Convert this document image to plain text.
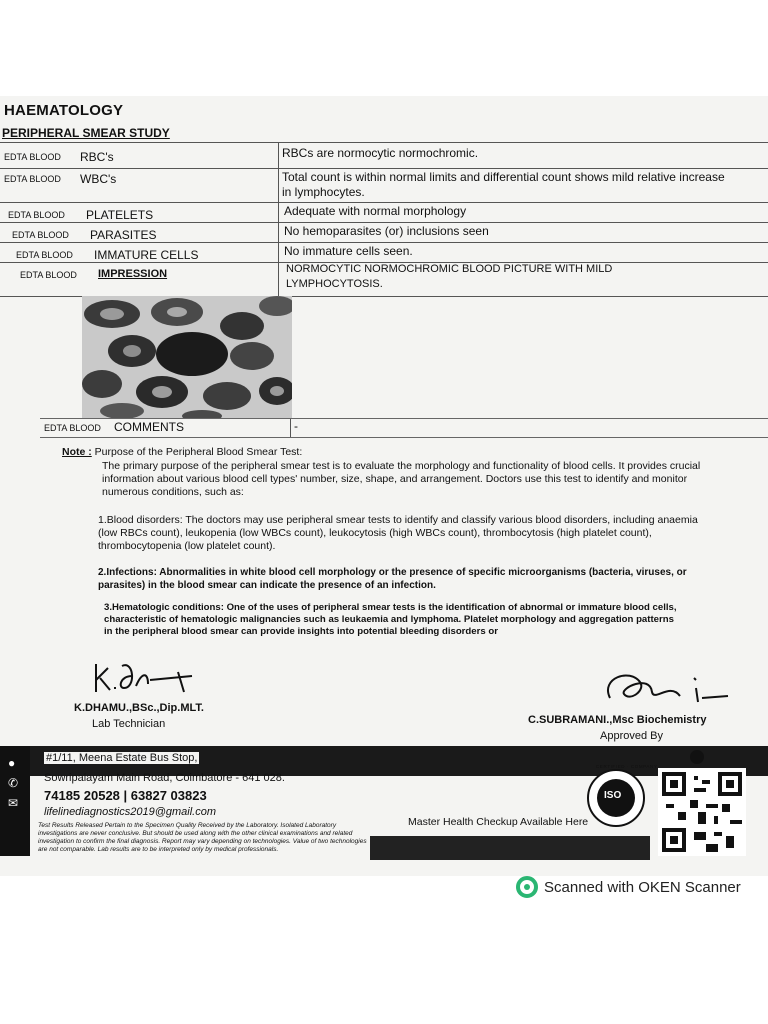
HAEMATOLOGY
PERIPHERAL SMEAR STUDY
EDTA BLOOD RBC's	RBCs are normocytic normochromic.
EDTA BLOOD WBC's	Total count is within normal limits and differential count shows mild relative increase in lymphocytes.
EDTA BLOOD PLATELETS	Adequate with normal morphology
EDTA BLOOD PARASITES	No hemoparasites (or) inclusions seen
EDTA BLOOD IMMATURE CELLS	No immature cells seen.
EDTA BLOOD IMPRESSION	NORMOCYTIC NORMOCHROMIC BLOOD PICTURE WITH MILD LYMPHOCYTOSIS.
EDTA BLOOD COMMENTS	-
Note : Purpose of the Peripheral Blood Smear Test:
The primary purpose of the peripheral smear test is to evaluate the morphology and functionality of blood cells. It provides crucial information about various blood cell types' number, size, shape, and arrangement. Doctors use this test to identify and monitor numerous conditions, such as:
1.Blood disorders: The doctors may use peripheral smear tests to identify and classify various blood disorders, including anaemia (low RBCs count), leukopenia (low WBCs count), leukocytosis (high WBCs count), thrombocytosis (high platelet count), thrombocytopenia (low platelet count).
2.Infections: Abnormalities in white blood cell morphology or the presence of specific microorganisms (bacteria, viruses, or parasites) in the blood smear can indicate the presence of an infection.
3.Hematologic conditions: One of the uses of peripheral smear tests is the identification of abnormal or immature blood cells, characteristic of hematologic malignancies such as leukaemia and lymphoma. Platelet morphology and aggregation patterns in the peripheral blood smear can provide insights into potential bleeding disorders or
K.DHAMU.,BSc.,Dip.MLT.
Lab Technician	C.SUBRAMANI.,Msc Biochemistry
Approved By
●
✆
✉
#1/11, Meena Estate Bus Stop,
Sowripalayam Main Road, Coimbatore - 641 028.
74185 20528 | 63827 03823
lifelinediagnostics2019@gmail.com
Test Results Released Pertain to the Specimen Quality Received by the Laboratory. Isolated Laboratory investigations are never conclusive. But should be used along with the other clinical examinations and related investigation to confirm the final diagnosis. Report may vary depending on technologies. Value of two technologies are not comparable. Lab results are to be interpreted only by medical professionals.
Master Health Checkup Available Here
ISO
CERTIFIED · COMPANY
Scanned with OKEN Scanner
